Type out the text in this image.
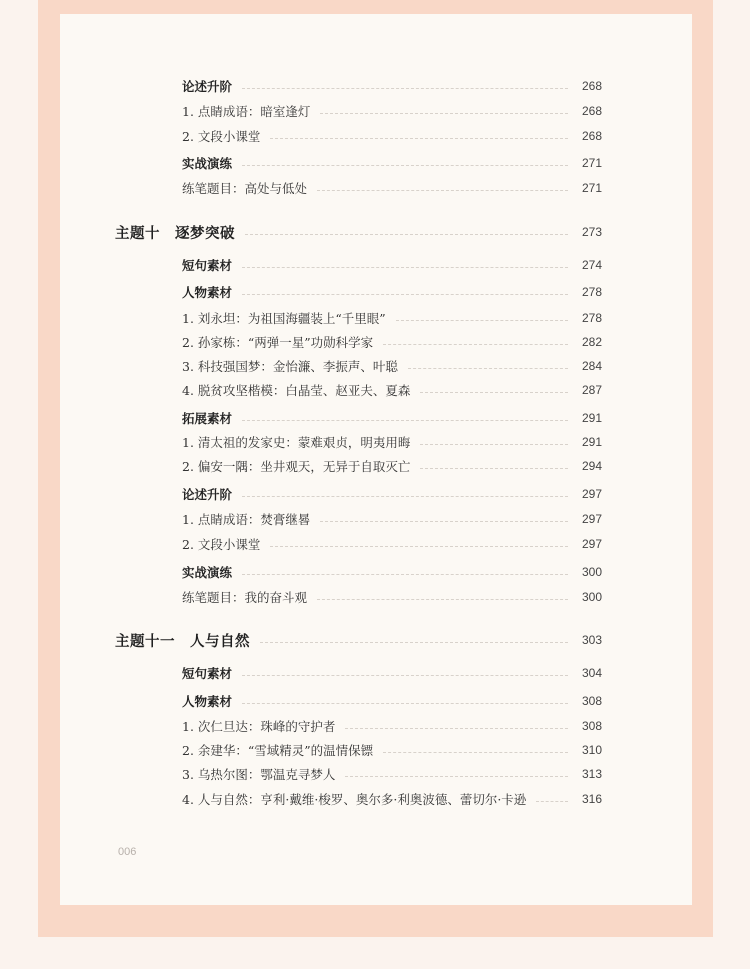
论述升阶	268
1. 点睛成语：暗室逢灯	268
2. 文段小课堂	268
实战演练	271
练笔题目：高处与低处	271
主题十　逐梦突破	273
短句素材	274
人物素材	278
1. 刘永坦：为祖国海疆装上“千里眼”	278
2. 孙家栋：“两弹一星”功勋科学家	282
3. 科技强国梦：金怡濂、李振声、叶聪	284
4. 脱贫攻坚楷模：白晶莹、赵亚夫、夏森	287
拓展素材	291
1. 清太祖的发家史：蒙难艰贞，明夷用晦	291
2. 偏安一隅：坐井观天，无异于自取灭亡	294
论述升阶	297
1. 点睛成语：焚膏继晷	297
2. 文段小课堂	297
实战演练	300
练笔题目：我的奋斗观	300
主题十一　人与自然	303
短句素材	304
人物素材	308
1. 次仁旦达：珠峰的守护者	308
2. 余建华：“雪域精灵”的温情保镖	310
3. 乌热尔图：鄂温克寻梦人	313
4. 人与自然：亨利·戴维·梭罗、奥尔多·利奥波德、蕾切尔·卡逊	316
006
